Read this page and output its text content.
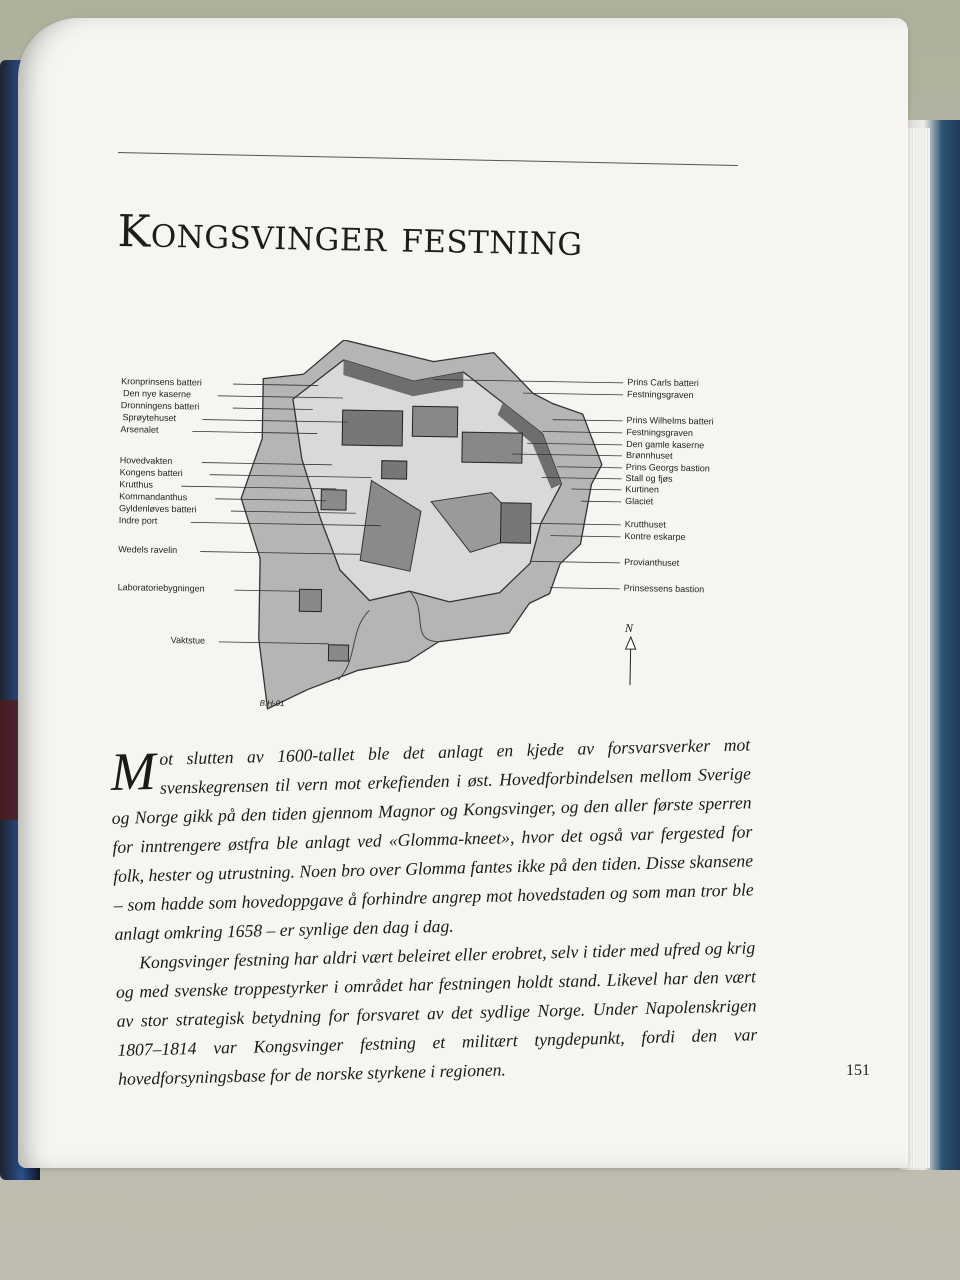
Kongsvinger festning
Kronprinsens batteri
Den nye kaserne
Dronningens batteri
Sprøytehuset
Arsenalet
Hovedvakten
Kongens batteri
Krutthus
Kommandanthus
Gyldenløves batteri
Indre port
Wedels ravelin
Laboratoriebygningen
Vaktstue
Prins Carls batteri
Festningsgraven
Prins Wilhelms batteri
Festningsgraven
Den gamle kaserne
Brønnhuset
Prins Georgs bastion
Stall og fjøs
Kurtinen
Glaciet
Krutthuset
Kontre eskarpe
Provianthuset
Prinsessens bastion
N
B.H-01

Mot slutten av 1600-tallet ble det anlagt en kjede av forsvarsverker mot svenskegrensen til vern mot erkefienden i øst. Hovedforbindelsen mellom Sverige og Norge gikk på den tiden gjennom Magnor og Kongsvinger, og den aller første sperren for inntrengere østfra ble anlagt ved «Glomma-kneet», hvor det også var fergested for folk, hester og utrustning. Noen bro over Glomma fantes ikke på den tiden. Disse skansene – som hadde som hovedoppgave å forhindre angrep mot hovedstaden og som man tror ble anlagt omkring 1658 – er synlige den dag i dag.

Kongsvinger festning har aldri vært beleiret eller erobret, selv i tider med ufred og krig og med svenske troppestyrker i området har festningen holdt stand. Likevel har den vært av stor strategisk betydning for forsvaret av det sydlige Norge. Under Napolenskrigen 1807–1814 var Kongsvinger festning et militært tyngdepunkt, fordi den var hovedforsyningsbase for de norske styrkene i regionen.	151
